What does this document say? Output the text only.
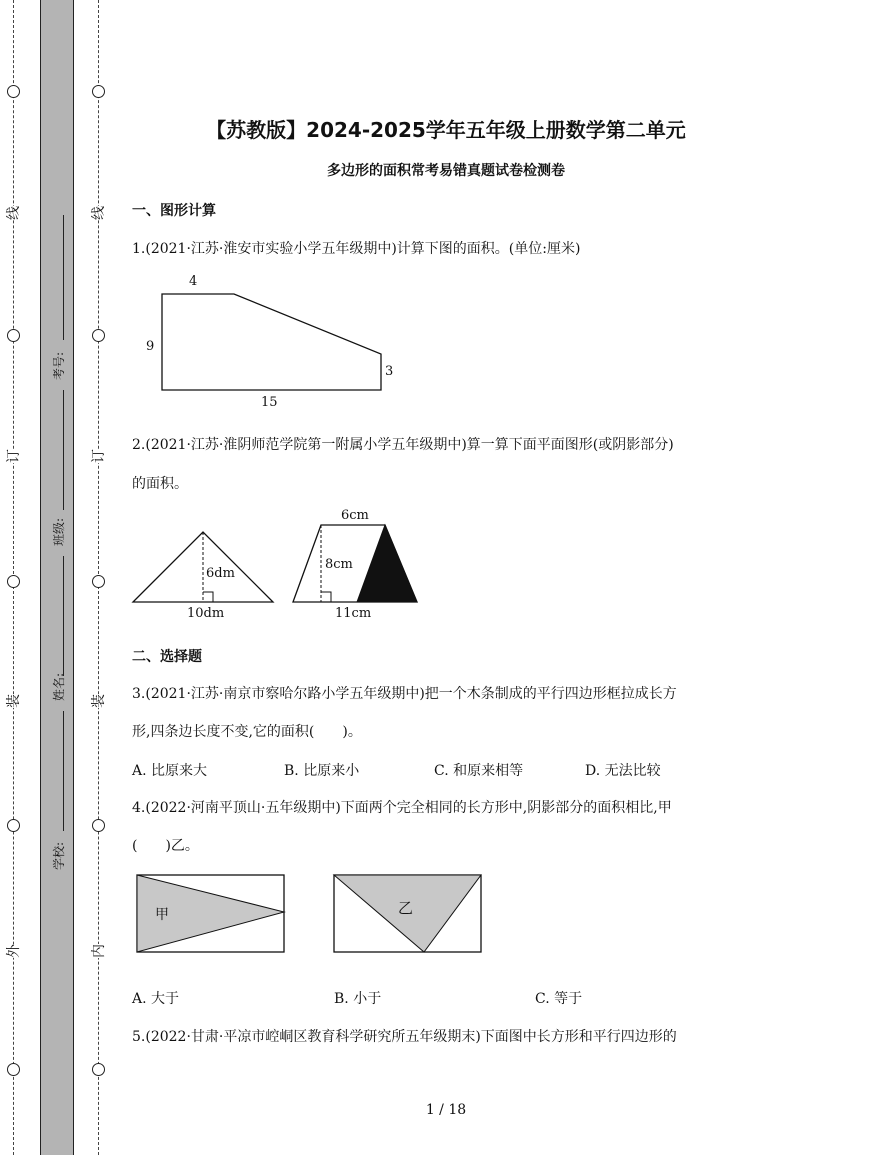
线
订
装
外
线
订
装
内
考号:
班级:
姓名:
学校:
【苏教版】2024-2025学年五年级上册数学第二单元
多边形的面积常考易错真题试卷检测卷
一、图形计算
1.(2021·江苏·淮安市实验小学五年级期中)计算下图的面积。(单位:厘米)
4
9
3
15
2.(2021·江苏·淮阴师范学院第一附属小学五年级期中)算一算下面平面图形(或阴影部分)
的面积。
6dm
10dm
6cm
8cm
11cm
二、选择题
3.(2021·江苏·南京市察哈尔路小学五年级期中)把一个木条制成的平行四边形框拉成长方
形,四条边长度不变,它的面积(　　)。
A. 比原来大	B. 比原来小	C. 和原来相等	D. 无法比较
4.(2022·河南平顶山·五年级期中)下面两个完全相同的长方形中,阴影部分的面积相比,甲
(　　)乙。
甲	乙
A. 大于	B. 小于	C. 等于
5.(2022·甘肃·平凉市崆峒区教育科学研究所五年级期末)下面图中长方形和平行四边形的
1 / 18
